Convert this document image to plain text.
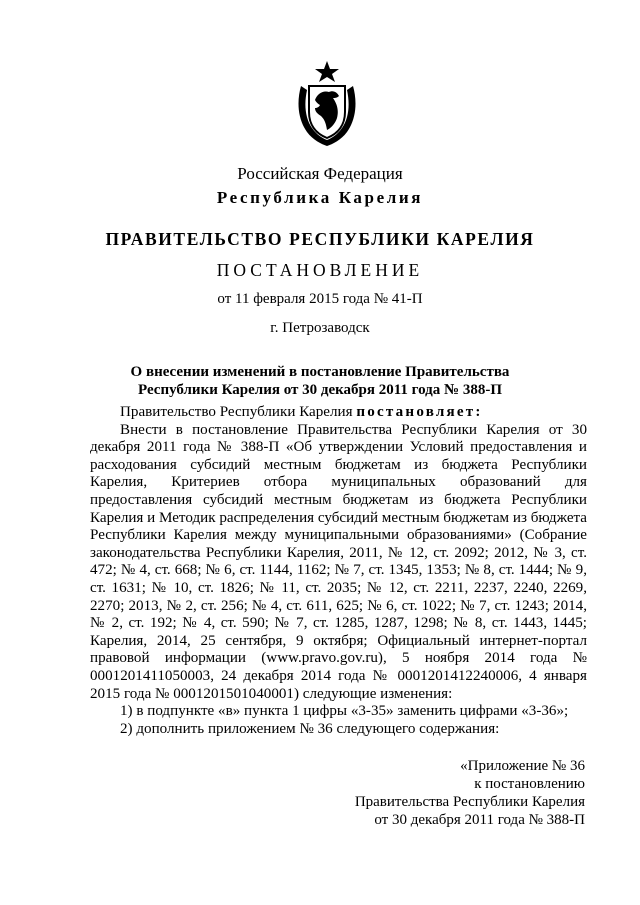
Российская Федерация
Республика Карелия
ПРАВИТЕЛЬСТВО РЕСПУБЛИКИ КАРЕЛИЯ
ПОСТАНОВЛЕНИЕ
от 11 февраля 2015 года № 41-П
г. Петрозаводск
О внесении изменений в постановление Правительства
Республики Карелия от 30 декабря 2011 года № 388-П

Правительство Республики Карелия постановляет:

Внести в постановление Правительства Республики Карелия от 30 декабря 2011 года № 388-П «Об утверждении Условий предоставления и расходования субсидий местным бюджетам из бюджета Республики Карелия, Критериев отбора муниципальных образований для предоставления субсидий местным бюджетам из бюджета Республики Карелия и Методик распределения субсидий местным бюджетам из бюджета Республики Карелия между муниципальными образованиями» (Собрание законодательства Республики Карелия, 2011, № 12, ст. 2092; 2012, № 3, ст. 472; № 4, ст. 668; № 6, ст. 1144, 1162; № 7, ст. 1345, 1353; № 8, ст. 1444; № 9, ст. 1631; № 10, ст. 1826; № 11, ст. 2035; № 12, ст. 2211, 2237, 2240, 2269, 2270; 2013, № 2, ст. 256; № 4, ст. 611, 625; № 6, ст. 1022; № 7, ст. 1243; 2014, № 2, ст. 192; № 4, ст. 590; № 7, ст. 1285, 1287, 1298; № 8, ст. 1443, 1445; Карелия, 2014, 25 сентября, 9 октября; Официальный интернет-портал правовой информации (www.pravo.gov.ru), 5 ноября 2014 года № 0001201411050003, 24 декабря 2014 года № 0001201412240006, 4 января 2015 года № 0001201501040001) следующие изменения:

1) в подпункте «в» пункта 1 цифры «3-35» заменить цифрами «3-36»;

2) дополнить приложением № 36 следующего содержания:

«Приложение № 36
к постановлению
Правительства Республики Карелия
от 30 декабря 2011 года № 388-П
